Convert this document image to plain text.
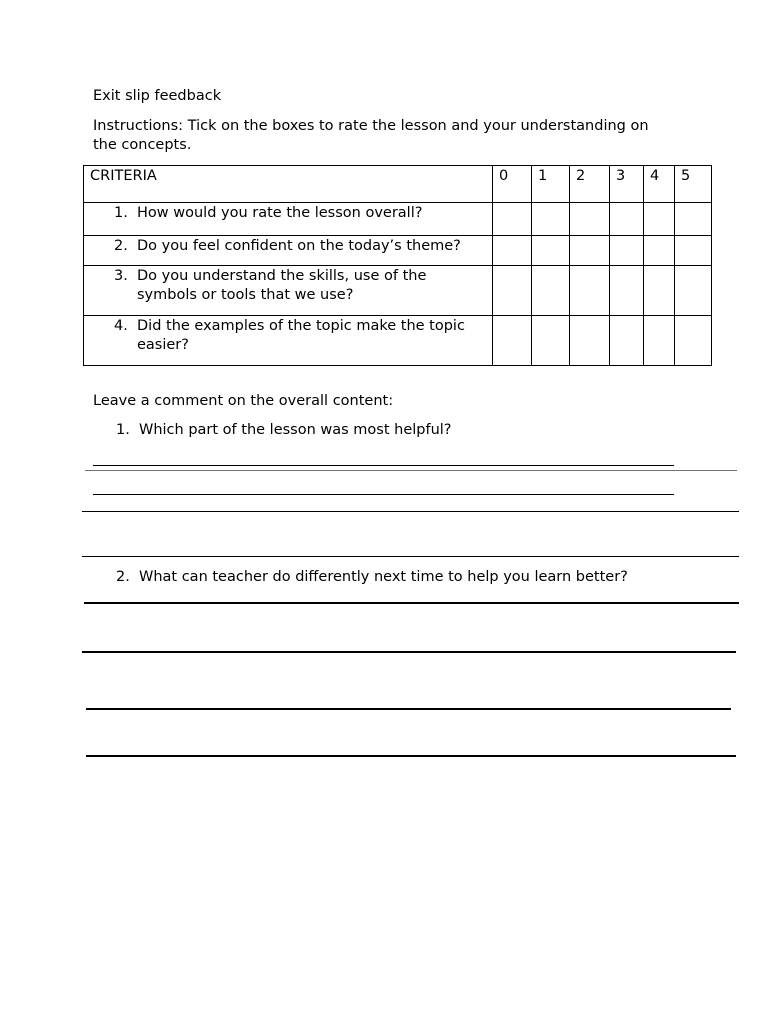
Exit slip feedback
Instructions: Tick on the boxes to rate the lesson and your understanding on the concepts.
CRITERIA	0	1	2	3	4	5

1. How would you rate the lesson overall?						

2. Do you feel confident on the today’s theme?						

3. Do you understand the skills, use of the symbols or tools that we use?						

4. Did the examples of the topic make the topic easier?						

Leave a comment on the overall content:
1. Which part of the lesson was most helpful?
2. What can teacher do differently next time to help you learn better?
